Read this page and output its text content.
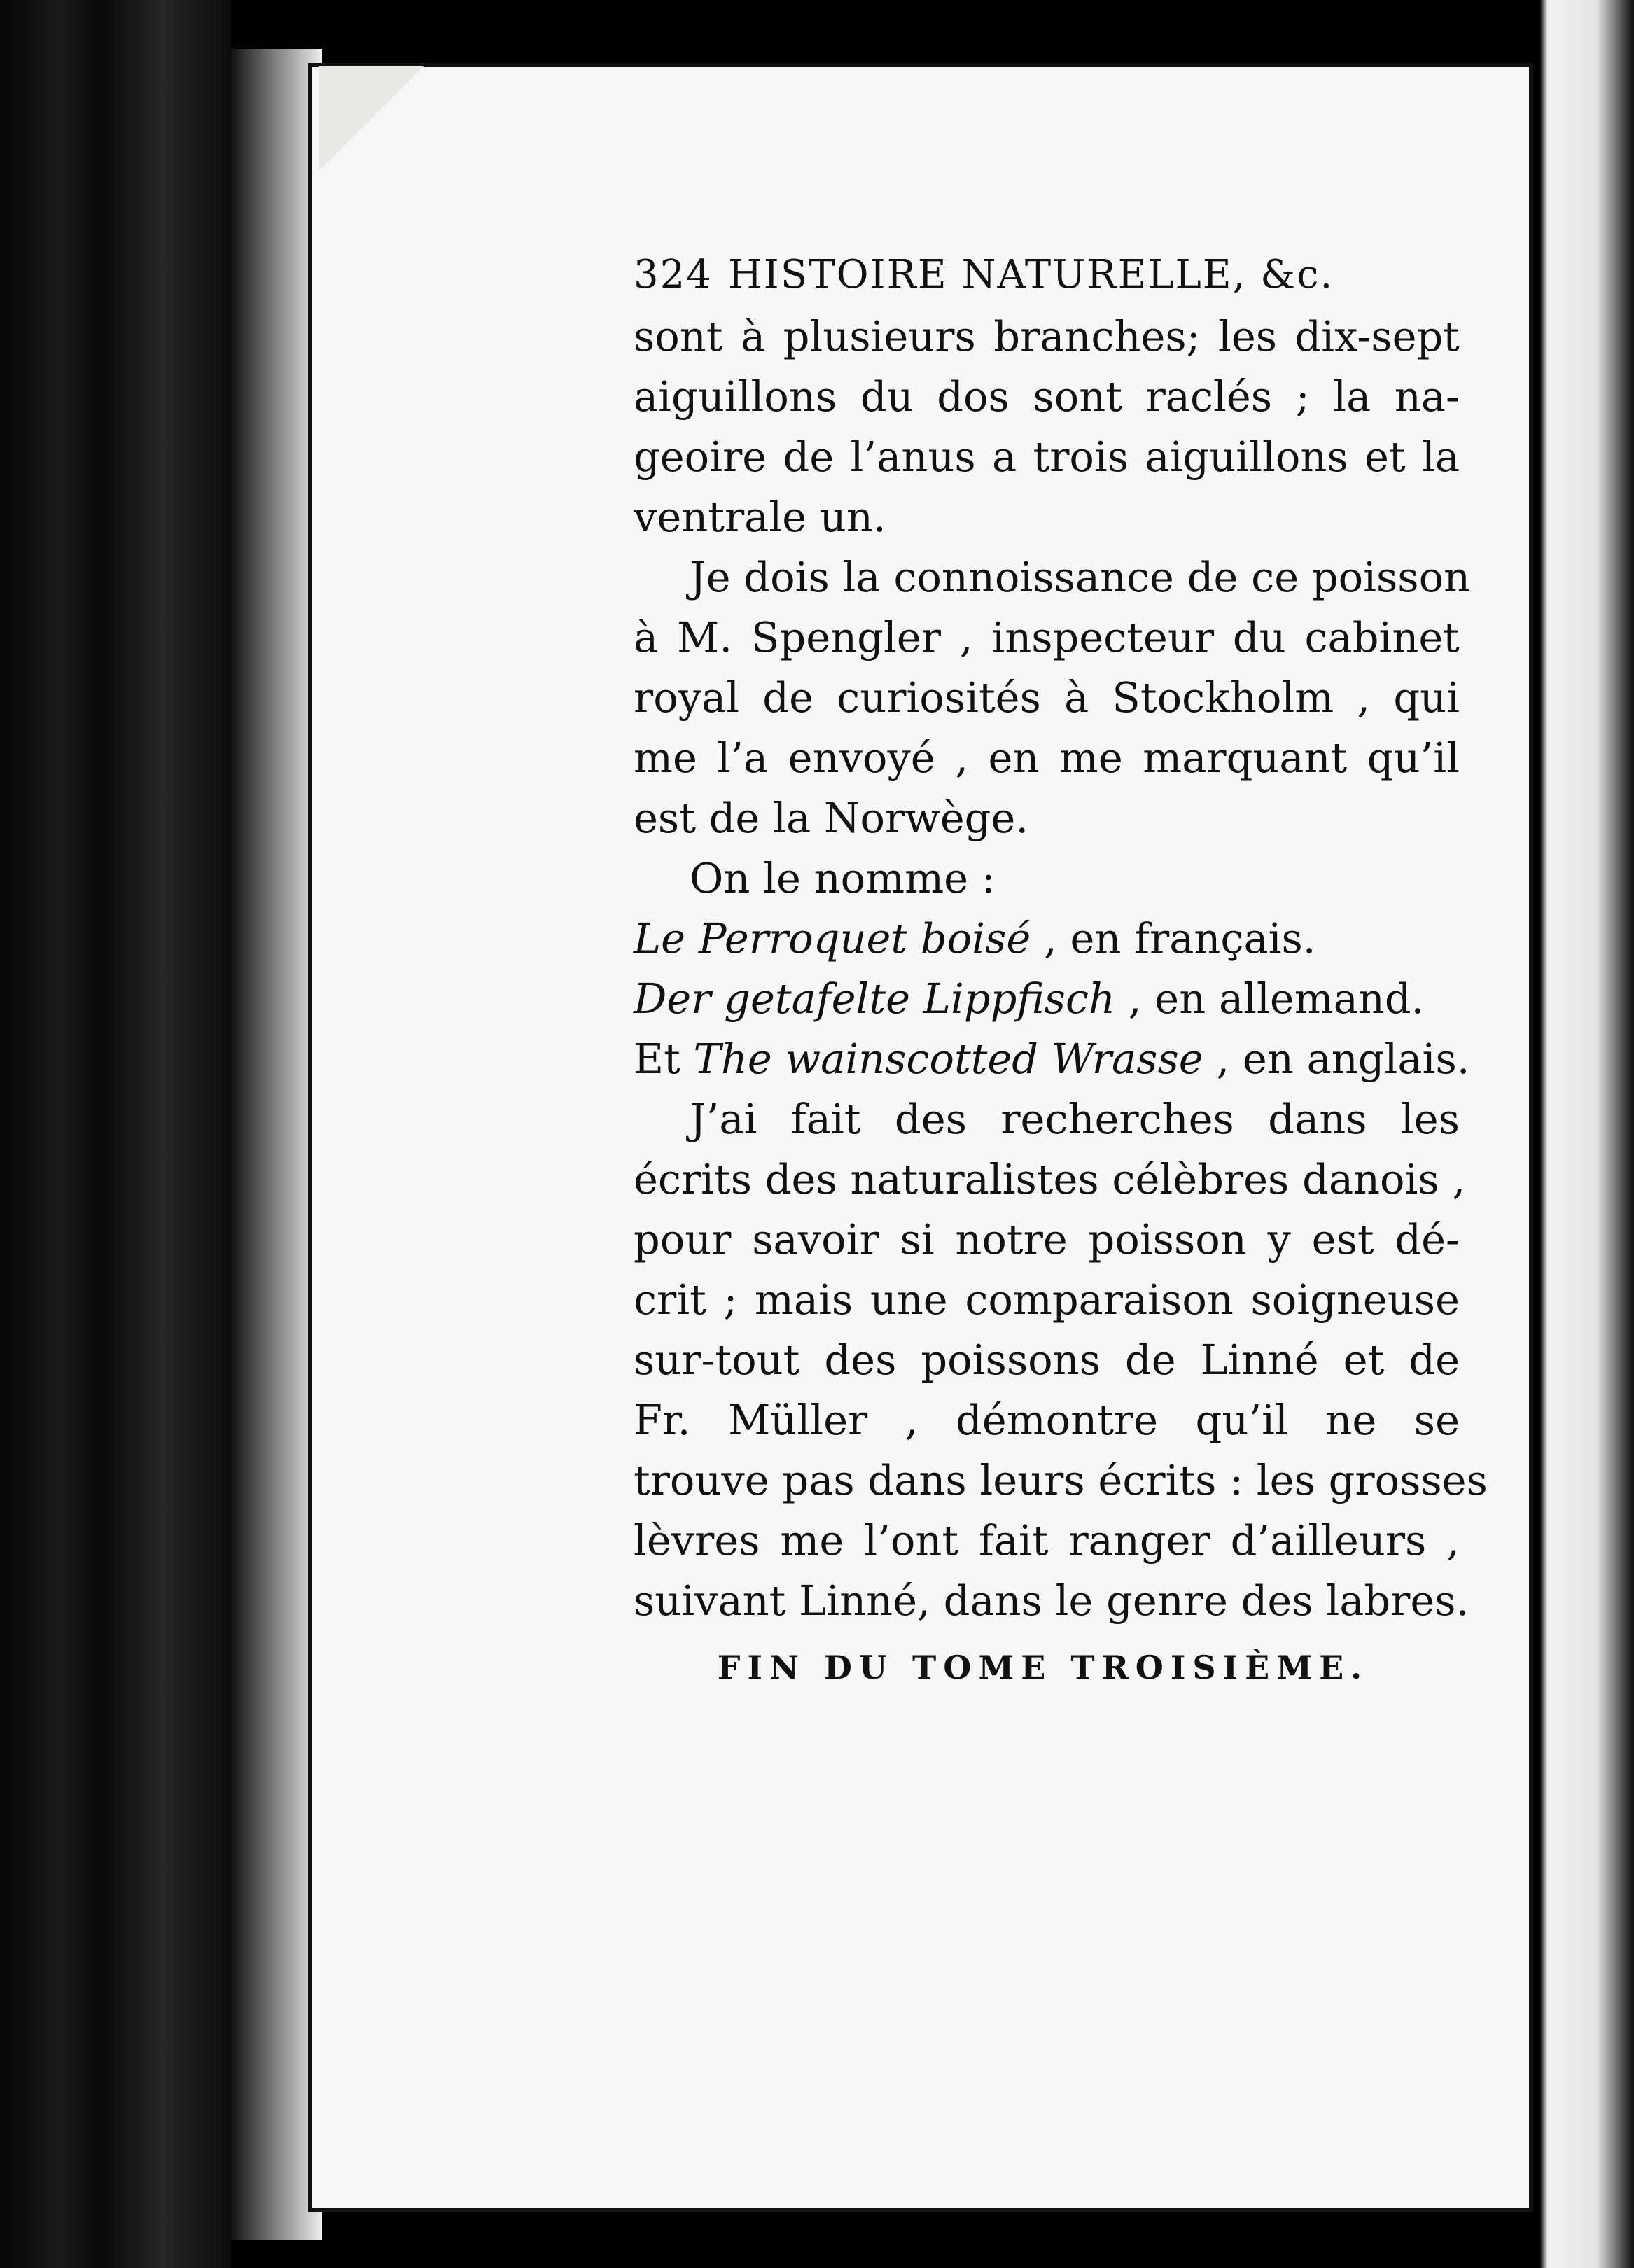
324 HISTOIRE NATURELLE, &c.
sont à plusieurs branches; les dix-sept
aiguillons du dos sont raclés ; la na-
geoire de l’anus a trois aiguillons et la
ventrale un.
Je dois la connoissance de ce poisson
à M. Spengler , inspecteur du cabinet
royal de curiosités à Stockholm , qui
me l’a envoyé , en me marquant qu’il
est de la Norwège.
On le nomme :
Le Perroquet boisé , en français.
Der getafelte Lippfisch , en allemand.
Et The wainscotted Wrasse , en anglais.
J’ai fait des recherches dans les
écrits des naturalistes célèbres danois ,
pour savoir si notre poisson y est dé-
crit ; mais une comparaison soigneuse
sur-tout des poissons de Linné et de
Fr. Müller , démontre qu’il ne se
trouve pas dans leurs écrits : les grosses
lèvres me l’ont fait ranger d’ailleurs ,
suivant Linné, dans le genre des labres.
FIN DU TOME TROISIÈME.
